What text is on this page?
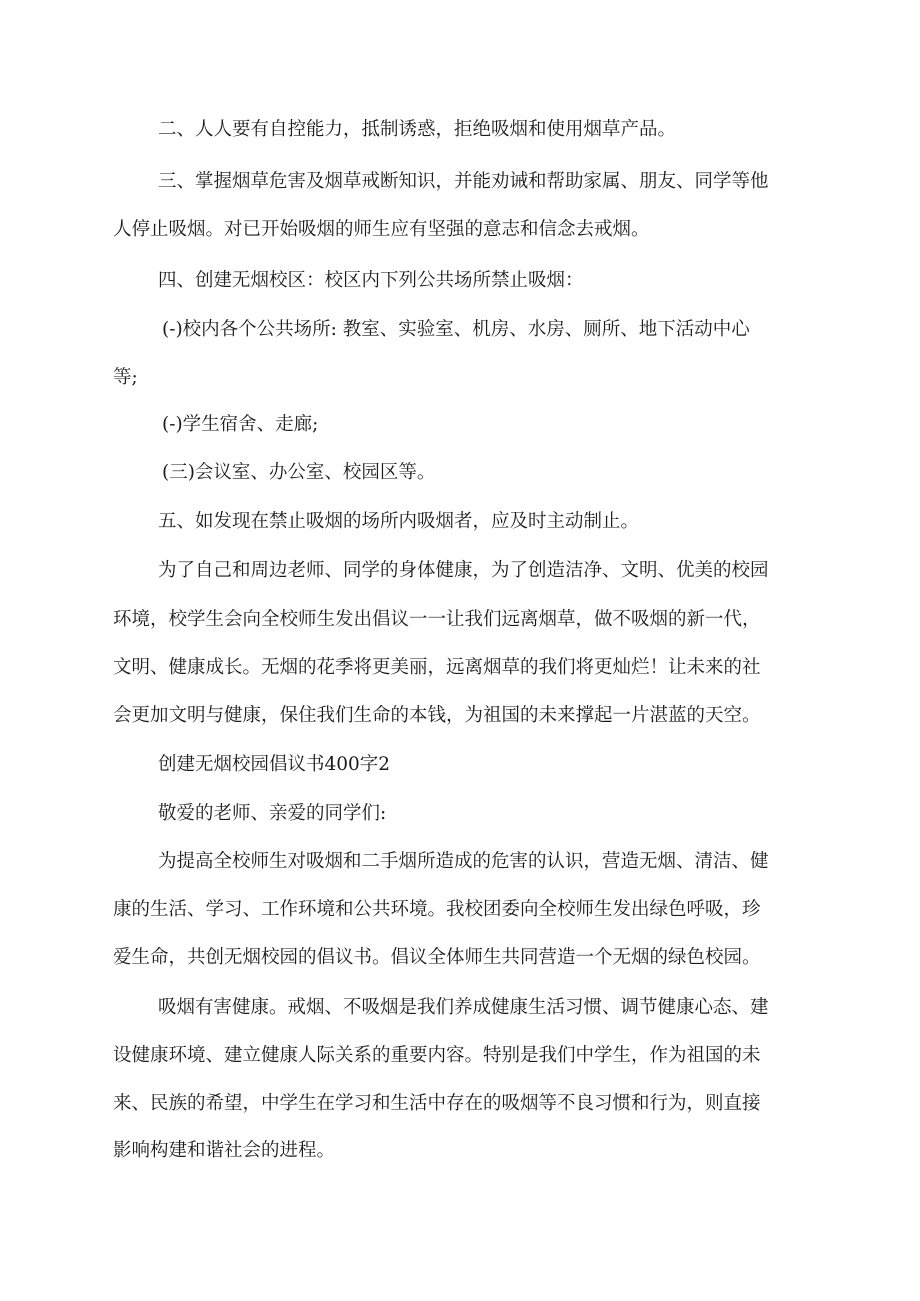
二、人人要有自控能力，抵制诱惑，拒绝吸烟和使用烟草产品。

三、掌握烟草危害及烟草戒断知识，并能劝诫和帮助家属、朋友、同学等他

人停止吸烟。对已开始吸烟的师生应有坚强的意志和信念去戒烟。

四、创建无烟校区：校区内下列公共场所禁止吸烟：

(-)校内各个公共场所: 教室、实验室、机房、水房、厕所、地下活动中心

等;

(-)学生宿舍、走廊;

(三)会议室、办公室、校园区等。

五、如发现在禁止吸烟的场所内吸烟者，应及时主动制止。

为了自己和周边老师、同学的身体健康，为了创造洁净、文明、优美的校园

环境，校学生会向全校师生发出倡议一一让我们远离烟草，做不吸烟的新一代，

文明、健康成长。无烟的花季将更美丽，远离烟草的我们将更灿烂！让未来的社

会更加文明与健康，保住我们生命的本钱，为祖国的未来撑起一片湛蓝的天空。

创建无烟校园倡议书400字2

敬爱的老师、亲爱的同学们:

为提高全校师生对吸烟和二手烟所造成的危害的认识，营造无烟、清洁、健

康的生活、学习、工作环境和公共环境。我校团委向全校师生发出绿色呼吸，珍

爱生命，共创无烟校园的倡议书。倡议全体师生共同营造一个无烟的绿色校园。

吸烟有害健康。戒烟、不吸烟是我们养成健康生活习惯、调节健康心态、建

设健康环境、建立健康人际关系的重要内容。特别是我们中学生，作为祖国的未

来、民族的希望，中学生在学习和生活中存在的吸烟等不良习惯和行为，则直接

影响构建和谐社会的进程。
